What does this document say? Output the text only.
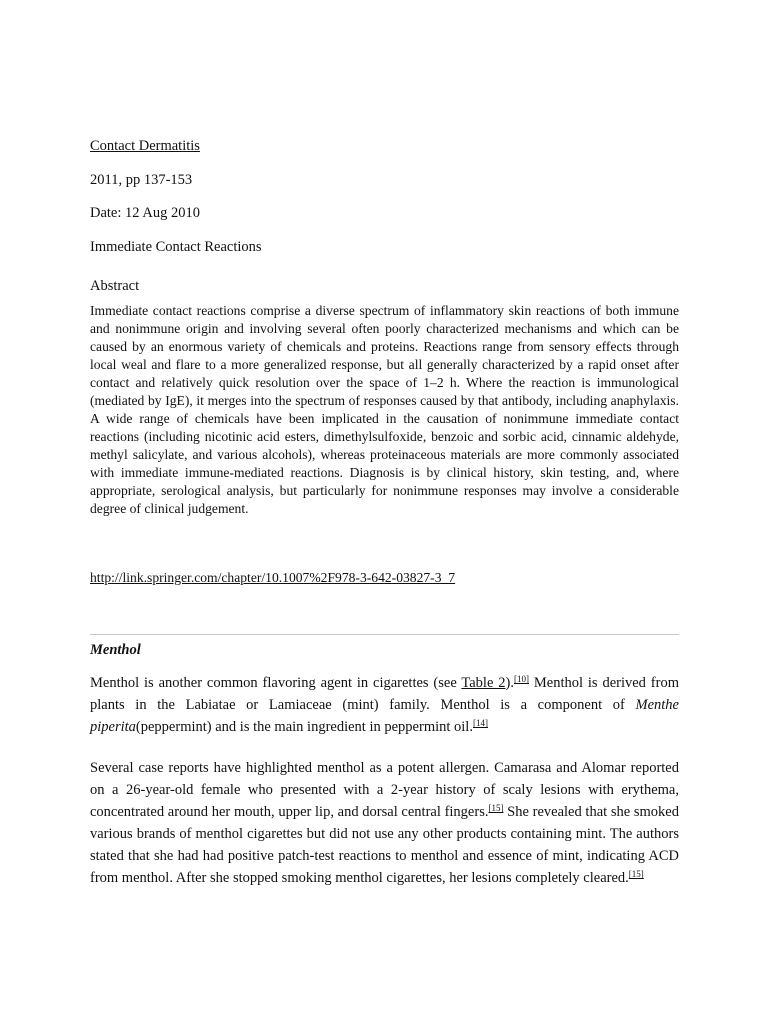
Contact Dermatitis
2011, pp 137-153
Date: 12 Aug 2010
Immediate Contact Reactions
Abstract
Immediate contact reactions comprise a diverse spectrum of inflammatory skin reactions of both immune and nonimmune origin and involving several often poorly characterized mechanisms and which can be caused by an enormous variety of chemicals and proteins. Reactions range from sensory effects through local weal and flare to a more generalized response, but all generally characterized by a rapid onset after contact and relatively quick resolution over the space of 1–2 h. Where the reaction is immunological (mediated by IgE), it merges into the spectrum of responses caused by that antibody, including anaphylaxis. A wide range of chemicals have been implicated in the causation of nonimmune immediate contact reactions (including nicotinic acid esters, dimethylsulfoxide, benzoic and sorbic acid, cinnamic aldehyde, methyl salicylate, and various alcohols), whereas proteinaceous materials are more commonly associated with immediate immune-mediated reactions. Diagnosis is by clinical history, skin testing, and, where appropriate, serological analysis, but particularly for nonimmune responses may involve a considerable degree of clinical judgement.
http://link.springer.com/chapter/10.1007%2F978-3-642-03827-3_7
Menthol
Menthol is another common flavoring agent in cigarettes (see Table 2).[10] Menthol is derived from plants in the Labiatae or Lamiaceae (mint) family. Menthol is a component of Menthe piperita(peppermint) and is the main ingredient in peppermint oil.[14]
Several case reports have highlighted menthol as a potent allergen. Camarasa and Alomar reported on a 26-year-old female who presented with a 2-year history of scaly lesions with erythema, concentrated around her mouth, upper lip, and dorsal central fingers.[15] She revealed that she smoked various brands of menthol cigarettes but did not use any other products containing mint. The authors stated that she had had positive patch-test reactions to menthol and essence of mint, indicating ACD from menthol. After she stopped smoking menthol cigarettes, her lesions completely cleared.[15]
